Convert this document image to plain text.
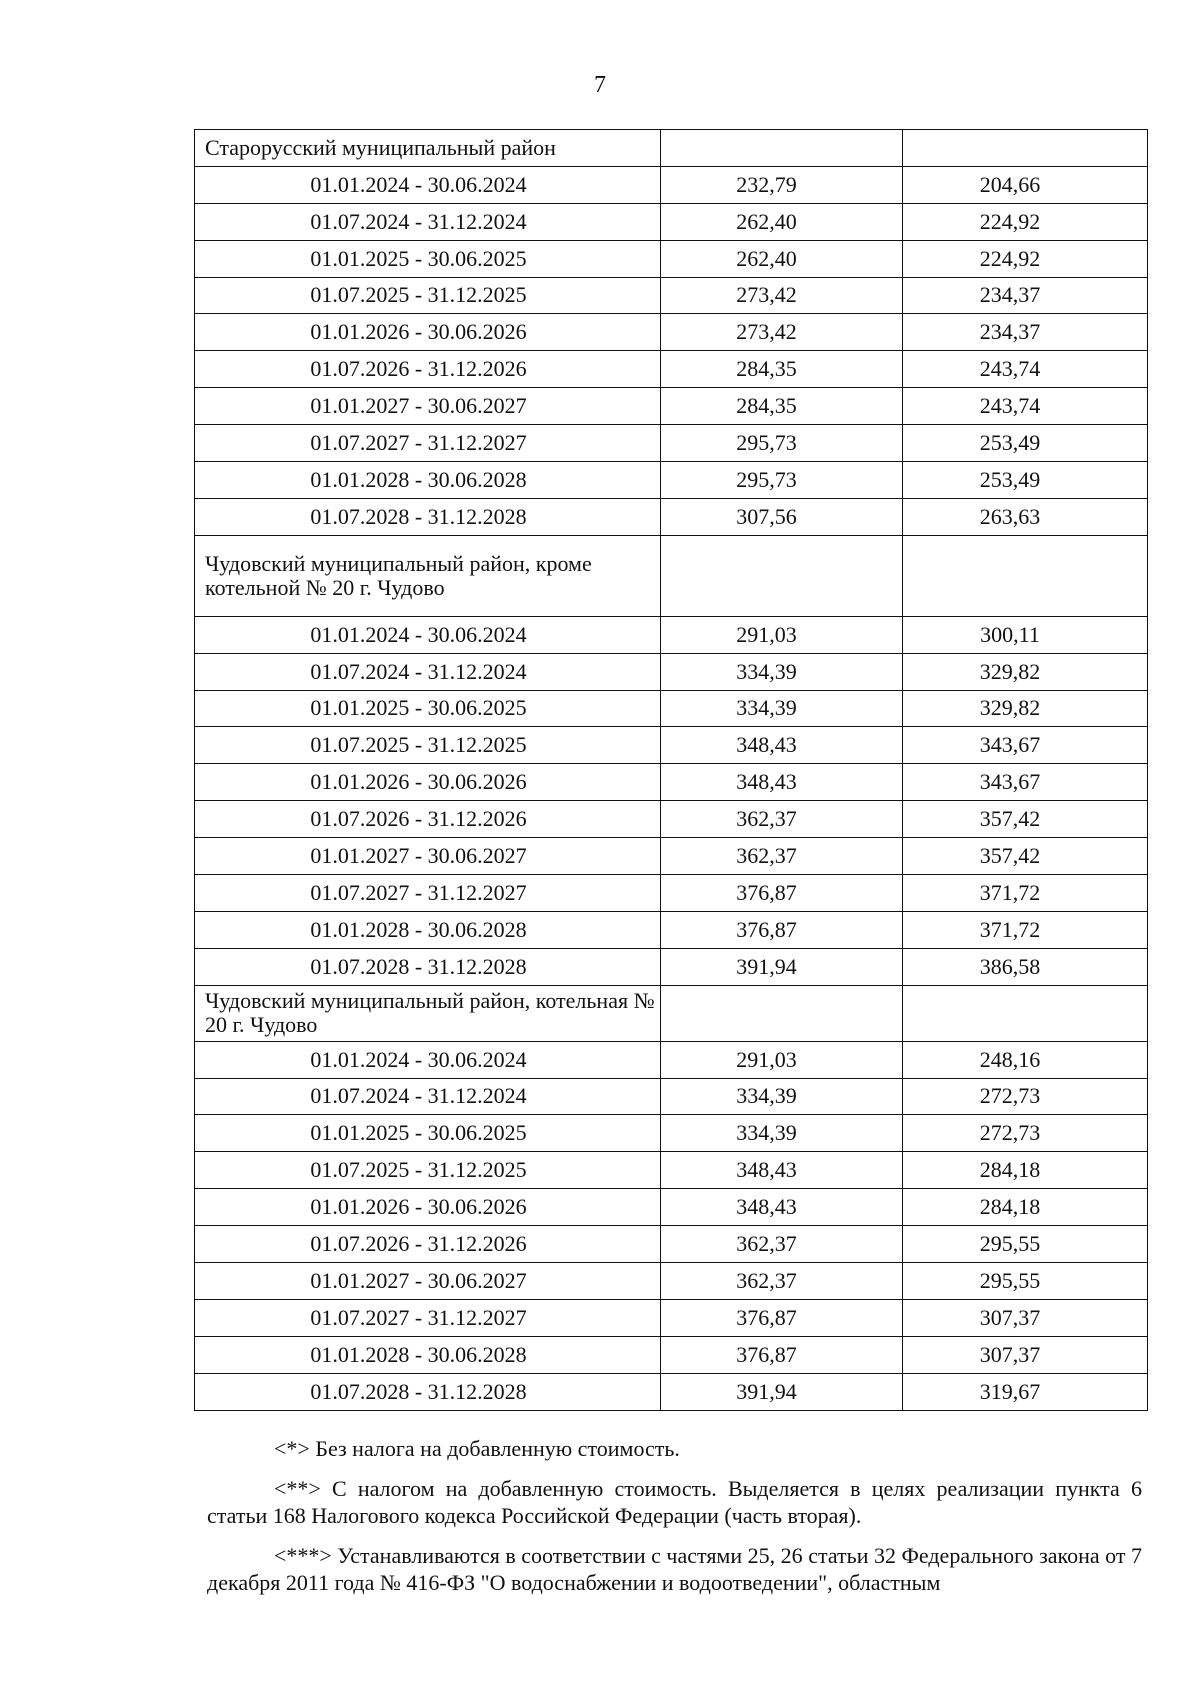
7
Старорусский муниципальный район		
01.01.2024 - 30.06.2024	232,79	204,66
01.07.2024 - 31.12.2024	262,40	224,92
01.01.2025 - 30.06.2025	262,40	224,92
01.07.2025 - 31.12.2025	273,42	234,37
01.01.2026 - 30.06.2026	273,42	234,37
01.07.2026 - 31.12.2026	284,35	243,74
01.01.2027 - 30.06.2027	284,35	243,74
01.07.2027 - 31.12.2027	295,73	253,49
01.01.2028 - 30.06.2028	295,73	253,49
01.07.2028 - 31.12.2028	307,56	263,63
Чудовский муниципальный район, кроме котельной № 20 г. Чудово		
01.01.2024 - 30.06.2024	291,03	300,11
01.07.2024 - 31.12.2024	334,39	329,82
01.01.2025 - 30.06.2025	334,39	329,82
01.07.2025 - 31.12.2025	348,43	343,67
01.01.2026 - 30.06.2026	348,43	343,67
01.07.2026 - 31.12.2026	362,37	357,42
01.01.2027 - 30.06.2027	362,37	357,42
01.07.2027 - 31.12.2027	376,87	371,72
01.01.2028 - 30.06.2028	376,87	371,72
01.07.2028 - 31.12.2028	391,94	386,58
Чудовский муниципальный район, котельная № 20 г. Чудово		
01.01.2024 - 30.06.2024	291,03	248,16
01.07.2024 - 31.12.2024	334,39	272,73
01.01.2025 - 30.06.2025	334,39	272,73
01.07.2025 - 31.12.2025	348,43	284,18
01.01.2026 - 30.06.2026	348,43	284,18
01.07.2026 - 31.12.2026	362,37	295,55
01.01.2027 - 30.06.2027	362,37	295,55
01.07.2027 - 31.12.2027	376,87	307,37
01.01.2028 - 30.06.2028	376,87	307,37
01.07.2028 - 31.12.2028	391,94	319,67

<*> Без налога на добавленную стоимость.

<**> С налогом на добавленную стоимость. Выделяется в целях реализации пункта 6 статьи 168 Налогового кодекса Российской Федерации (часть вторая).

<***> Устанавливаются в соответствии с частями 25, 26 статьи 32 Федерального закона от 7 декабря 2011 года № 416-ФЗ "О водоснабжении и водоотведении", областным
